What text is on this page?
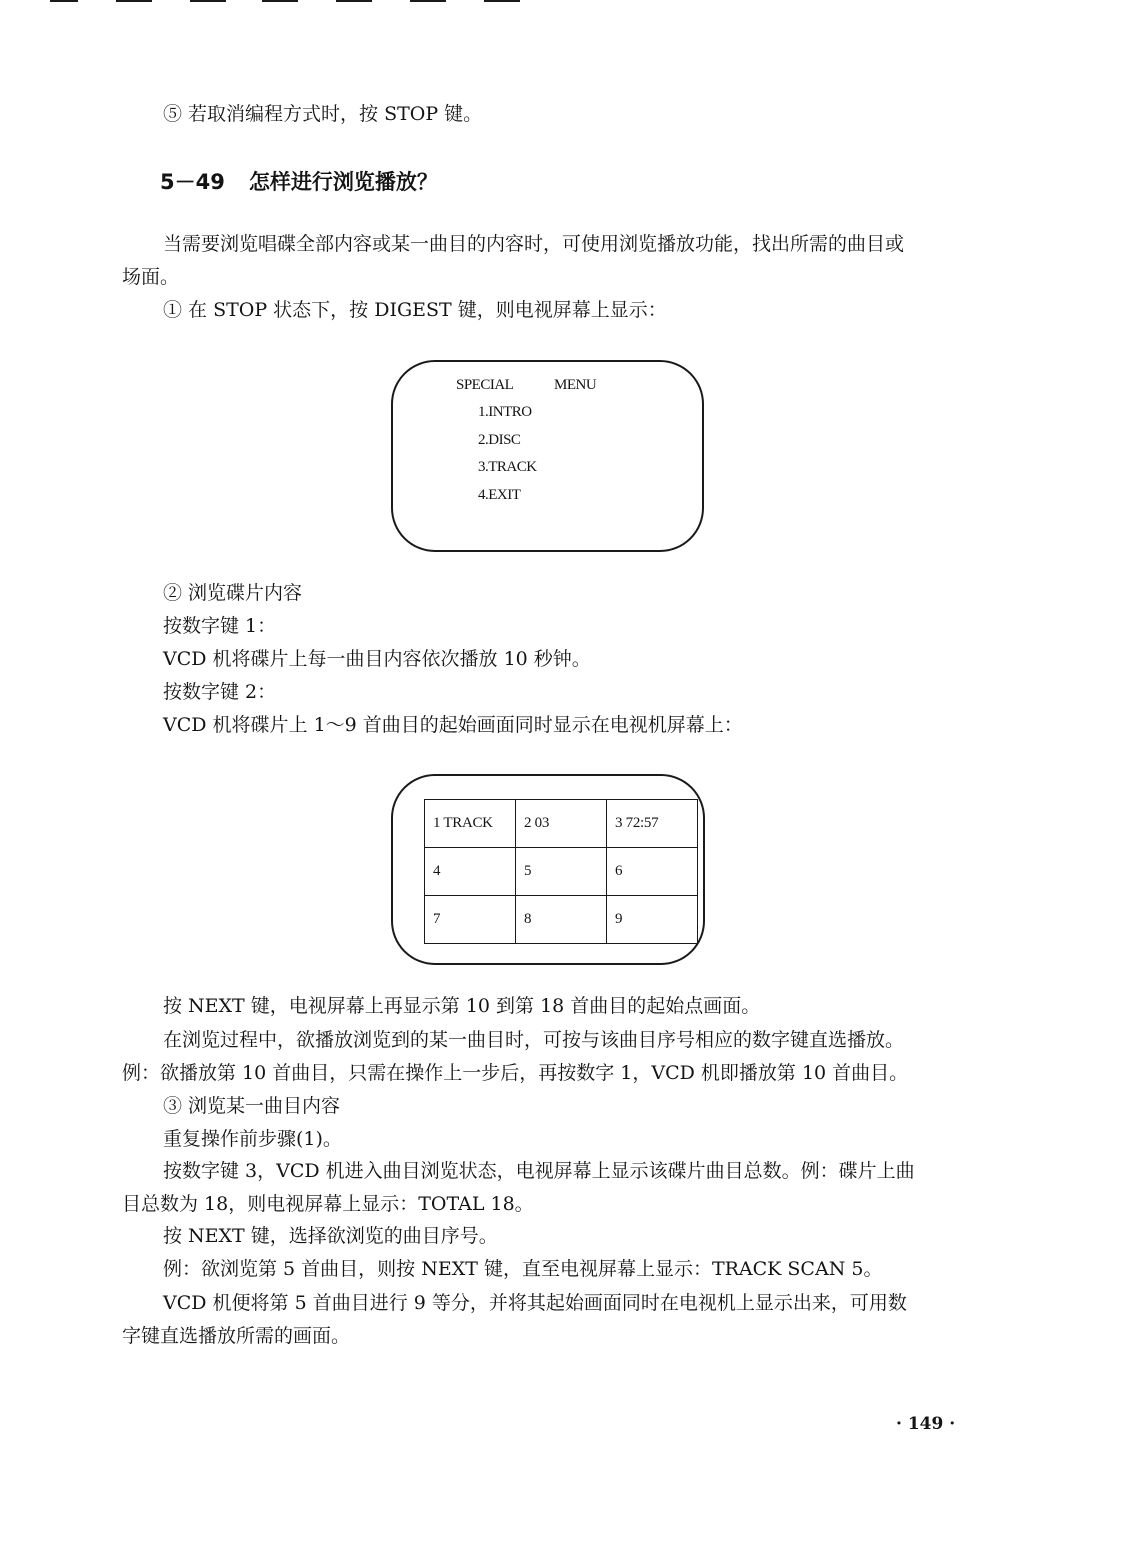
⑤ 若取消编程方式时，按 STOP 键。
5－49 怎样进行浏览播放？
当需要浏览唱碟全部内容或某一曲目的内容时，可使用浏览播放功能，找出所需的曲目或
场面。
① 在 STOP 状态下，按 DIGEST 键，则电视屏幕上显示：
SPECIAL	MENU
1.INTRO
2.DISC
3.TRACK
4.EXIT
② 浏览碟片内容
按数字键 1：
VCD 机将碟片上每一曲目内容依次播放 10 秒钟。
按数字键 2：
VCD 机将碟片上 1～9 首曲目的起始画面同时显示在电视机屏幕上：
1 TRACK	2 03	3 72:57
4	5	6
7	8	9
按 NEXT 键，电视屏幕上再显示第 10 到第 18 首曲目的起始点画面。
在浏览过程中，欲播放浏览到的某一曲目时，可按与该曲目序号相应的数字键直选播放。
例：欲播放第 10 首曲目，只需在操作上一步后，再按数字 1，VCD 机即播放第 10 首曲目。
③ 浏览某一曲目内容
重复操作前步骤(1)。
按数字键 3，VCD 机进入曲目浏览状态，电视屏幕上显示该碟片曲目总数。例：碟片上曲
目总数为 18，则电视屏幕上显示：TOTAL 18。
按 NEXT 键，选择欲浏览的曲目序号。
例：欲浏览第 5 首曲目，则按 NEXT 键，直至电视屏幕上显示：TRACK SCAN 5。
VCD 机便将第 5 首曲目进行 9 等分，并将其起始画面同时在电视机上显示出来，可用数
字键直选播放所需的画面。
· 149 ·
